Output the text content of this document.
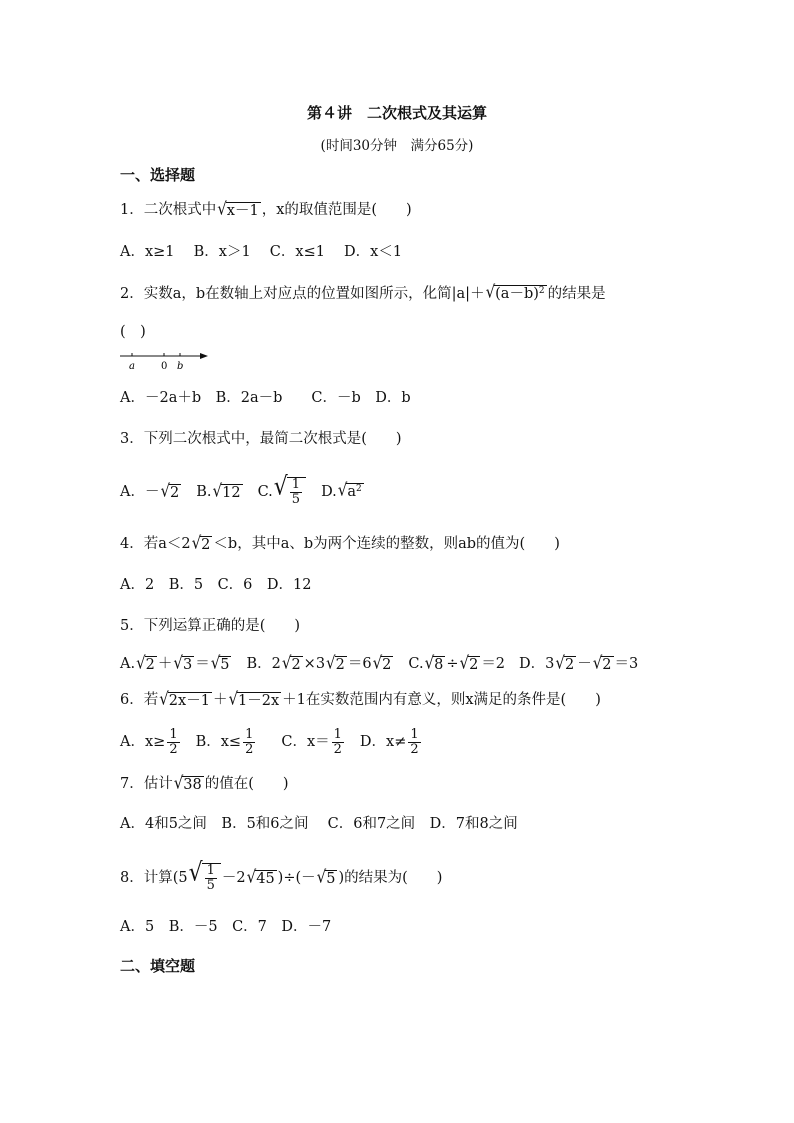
第４讲　二次根式及其运算
(时间30分钟　满分65分)
一、选择题
1．二次根式中 √ x－1 ，x的取值范围是(　　)
A．x≥1　 B．x＞1　 C．x≤1　 D．x＜1
2．实数a，b在数轴上对应点的位置如图所示，化简|a|＋ √ $(a-b)^2$ 的结果是
(　)
a	0 b
A．－2a＋b　B．2a－b　　C．－b　D．b
3．下列二次根式中，最简二次根式是(　　)
A．－ √ 2 B. √ 12 C. √ $\frac{1}{5} D$. √ $a^2$
4．若a＜2 √ 2 ＜b，其中a、b为两个连续的整数，则ab的值为(　　)
A．2　B．5　C．6　D．12
5．下列运算正确的是(　　)
A. √ 2 ＋ √ 3 ＝ √ 5 B．2 √ 2 ×3 √ 2 ＝6 √ 2 C. √ 8 ÷ √ 2 ＝2 D．3 √ 2 － √ 2 ＝3
6．若 √ 2x－1 ＋ √ 1－2x ＋1在实数范围内有意义，则x满足的条件是(　　)
A．$x\ge \frac{1}{2}$ B．$x\le \frac{1}{2}$ C．$x= \frac{1}{2}$ D．$x\ne \frac{1}{2}$
7．估计 √ 38 的值在(　　)
A．4和5之间　B．5和6之间　 C．6和7之间　D．7和8之间
8．计算(5 √ $\frac{1}{5} -2$ √ 45 )÷(－ √ 5 )的结果为(　　)
A．5　B．－5　C．7　D．－7
二、填空题
